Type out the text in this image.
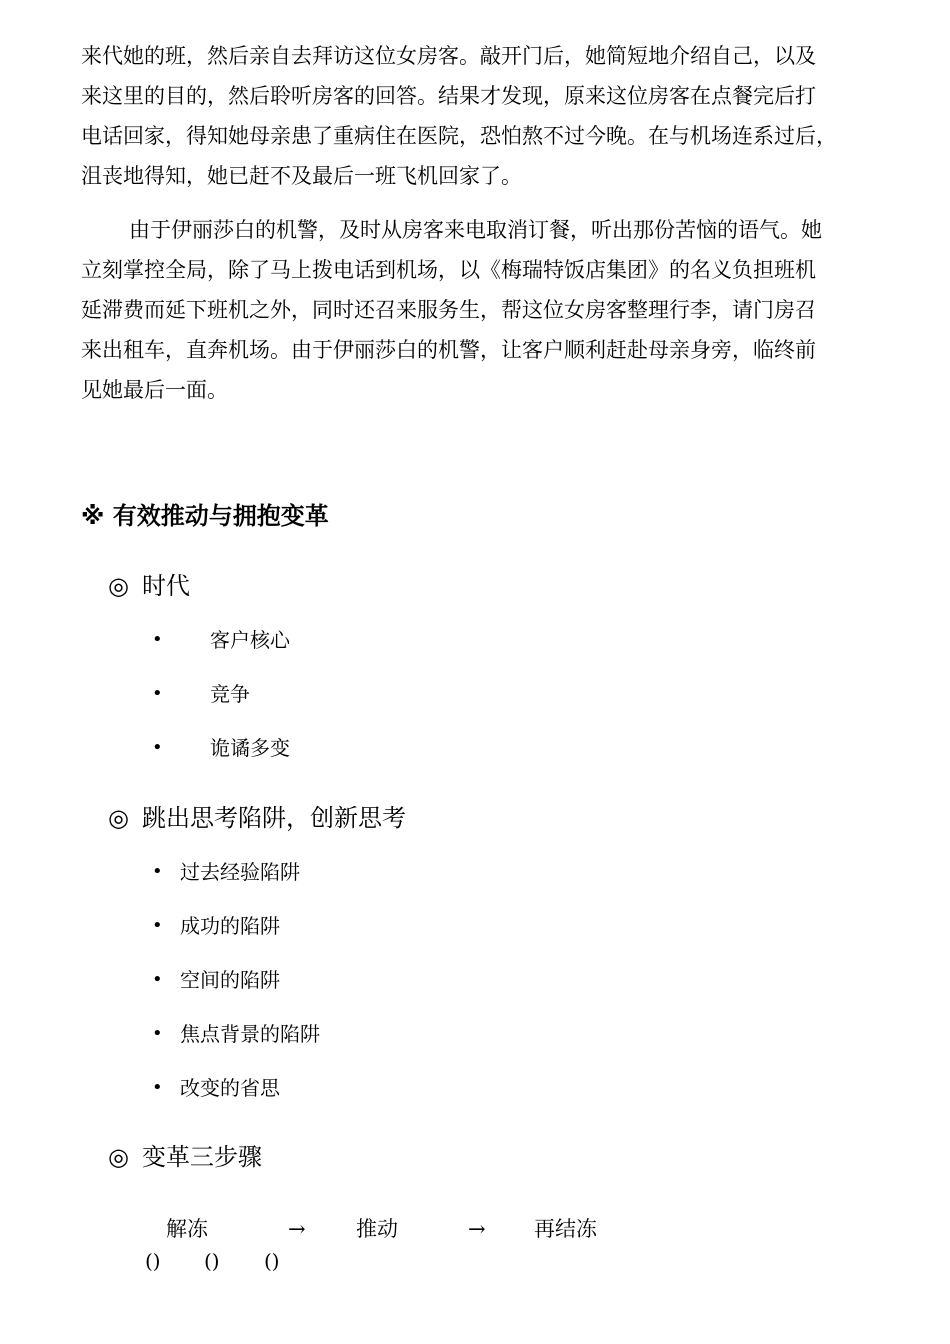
来代她的班，然后亲自去拜访这位女房客。敲开门后，她简短地介绍自己，以及
来这里的目的，然后聆听房客的回答。结果才发现，原来这位房客在点餐完后打
电话回家，得知她母亲患了重病住在医院，恐怕熬不过今晚。在与机场连系过后，
沮丧地得知，她已赶不及最后一班飞机回家了。

由于伊丽莎白的机警，及时从房客来电取消订餐，听出那份苦恼的语气。她
立刻掌控全局，除了马上拨电话到机场，以《梅瑞特饭店集团》的名义负担班机
延滞费而延下班机之外，同时还召来服务生，帮这位女房客整理行李，请门房召
来出租车，直奔机场。由于伊丽莎白的机警，让客户顺利赶赴母亲身旁，临终前
见她最后一面。

※ 有效推动与拥抱变革
◎ 时代
• 客户核心
• 竞争
• 诡谲多变
◎ 跳出思考陷阱，创新思考
• 过去经验陷阱
• 成功的陷阱
• 空间的陷阱
• 焦点背景的陷阱
• 改变的省思
◎ 变革三步骤
解冻	→ 推动	→ 再结冻
() () ()
